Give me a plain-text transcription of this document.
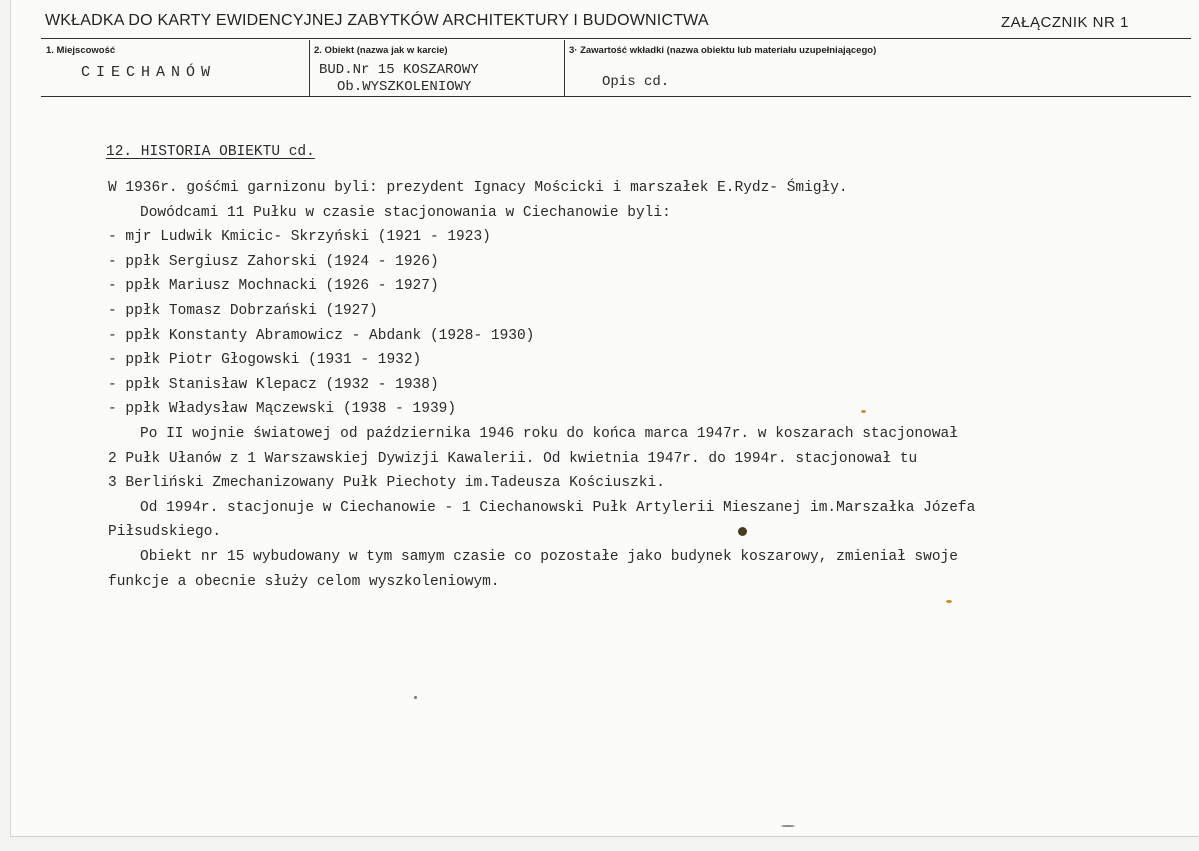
WKŁADKA DO KARTY EWIDENCYJNEJ ZABYTKÓW ARCHITEKTURY I BUDOWNICTWA	ZAŁĄCZNIK NR 1
1. Miejscowość
CIECHANÓW
2. Obiekt (nazwa jak w karcie)
BUD.Nr 15 KOSZAROWY
Ob.WYSZKOLENIOWY
3· Zawartość wkładki (nazwa obiektu lub materiału uzupełniającego)
Opis cd.
12. HISTORIA OBIEKTU cd.
W 1936r. gośćmi garnizonu byli: prezydent Ignacy Mościcki i marszałek E.Rydz- Śmigły.
Dowódcami 11 Pułku w czasie stacjonowania w Ciechanowie byli:
- mjr Ludwik Kmicic- Skrzyński (1921 - 1923)
- ppłk Sergiusz Zahorski (1924 - 1926)
- ppłk Mariusz Mochnacki (1926 - 1927)
- ppłk Tomasz Dobrzański (1927)
- ppłk Konstanty Abramowicz - Abdank (1928- 1930)
- ppłk Piotr Głogowski (1931 - 1932)
- ppłk Stanisław Klepacz (1932 - 1938)
- ppłk Władysław Mączewski (1938 - 1939)
Po II wojnie światowej od października 1946 roku do końca marca 1947r. w koszarach stacjonował
2 Pułk Ułanów z 1 Warszawskiej Dywizji Kawalerii. Od kwietnia 1947r. do 1994r. stacjonował tu
3 Berliński Zmechanizowany Pułk Piechoty im.Tadeusza Kościuszki.
Od 1994r. stacjonuje w Ciechanowie - 1 Ciechanowski Pułk Artylerii Mieszanej im.Marszałka Józefa
Piłsudskiego.
Obiekt nr 15 wybudowany w tym samym czasie co pozostałe jako budynek koszarowy, zmieniał swoje
funkcje a obecnie służy celom wyszkoleniowym.
